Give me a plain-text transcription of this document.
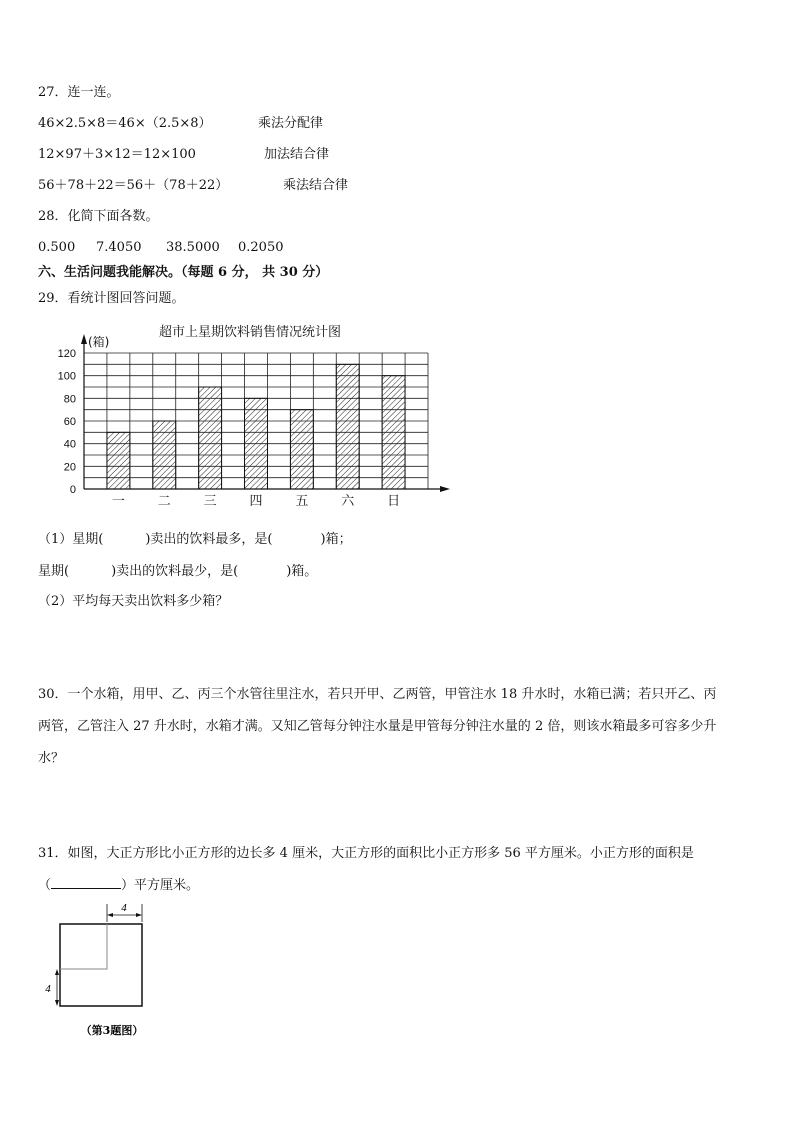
27．连一连。
46×2.5×8＝46×（2.5×8）	乘法分配律
12×97＋3×12＝12×100	加法结合律
56＋78＋22＝56＋（78＋22）	乘法结合律
28．化简下面各数。
0.500 7.4050 38.5000 0.2050
六、生活问题我能解决。（每题 6 分， 共 30 分）
29．看统计图回答问题。
超市上星期饮料销售情况统计图
(箱)
0
20
40
60
80
100
120
一	二	三	四	五	六	日
（1）星期(	)卖出的饮料最多，是(	)箱；
星期(	)卖出的饮料最少，是(	)箱。
（2）平均每天卖出饮料多少箱？
30．一个水箱，用甲、乙、丙三个水管往里注水，若只开甲、乙两管，甲管注水 18 升水时，水箱已满；若只开乙、丙
两管，乙管注入 27 升水时，水箱才满。又知乙管每分钟注水量是甲管每分钟注水量的 2 倍，则该水箱最多可容多少升
水？
31．如图，大正方形比小正方形的边长多 4 厘米，大正方形的面积比小正方形多 56 平方厘米。小正方形的面积是
（	）平方厘米。
4
4
（第3题图）
